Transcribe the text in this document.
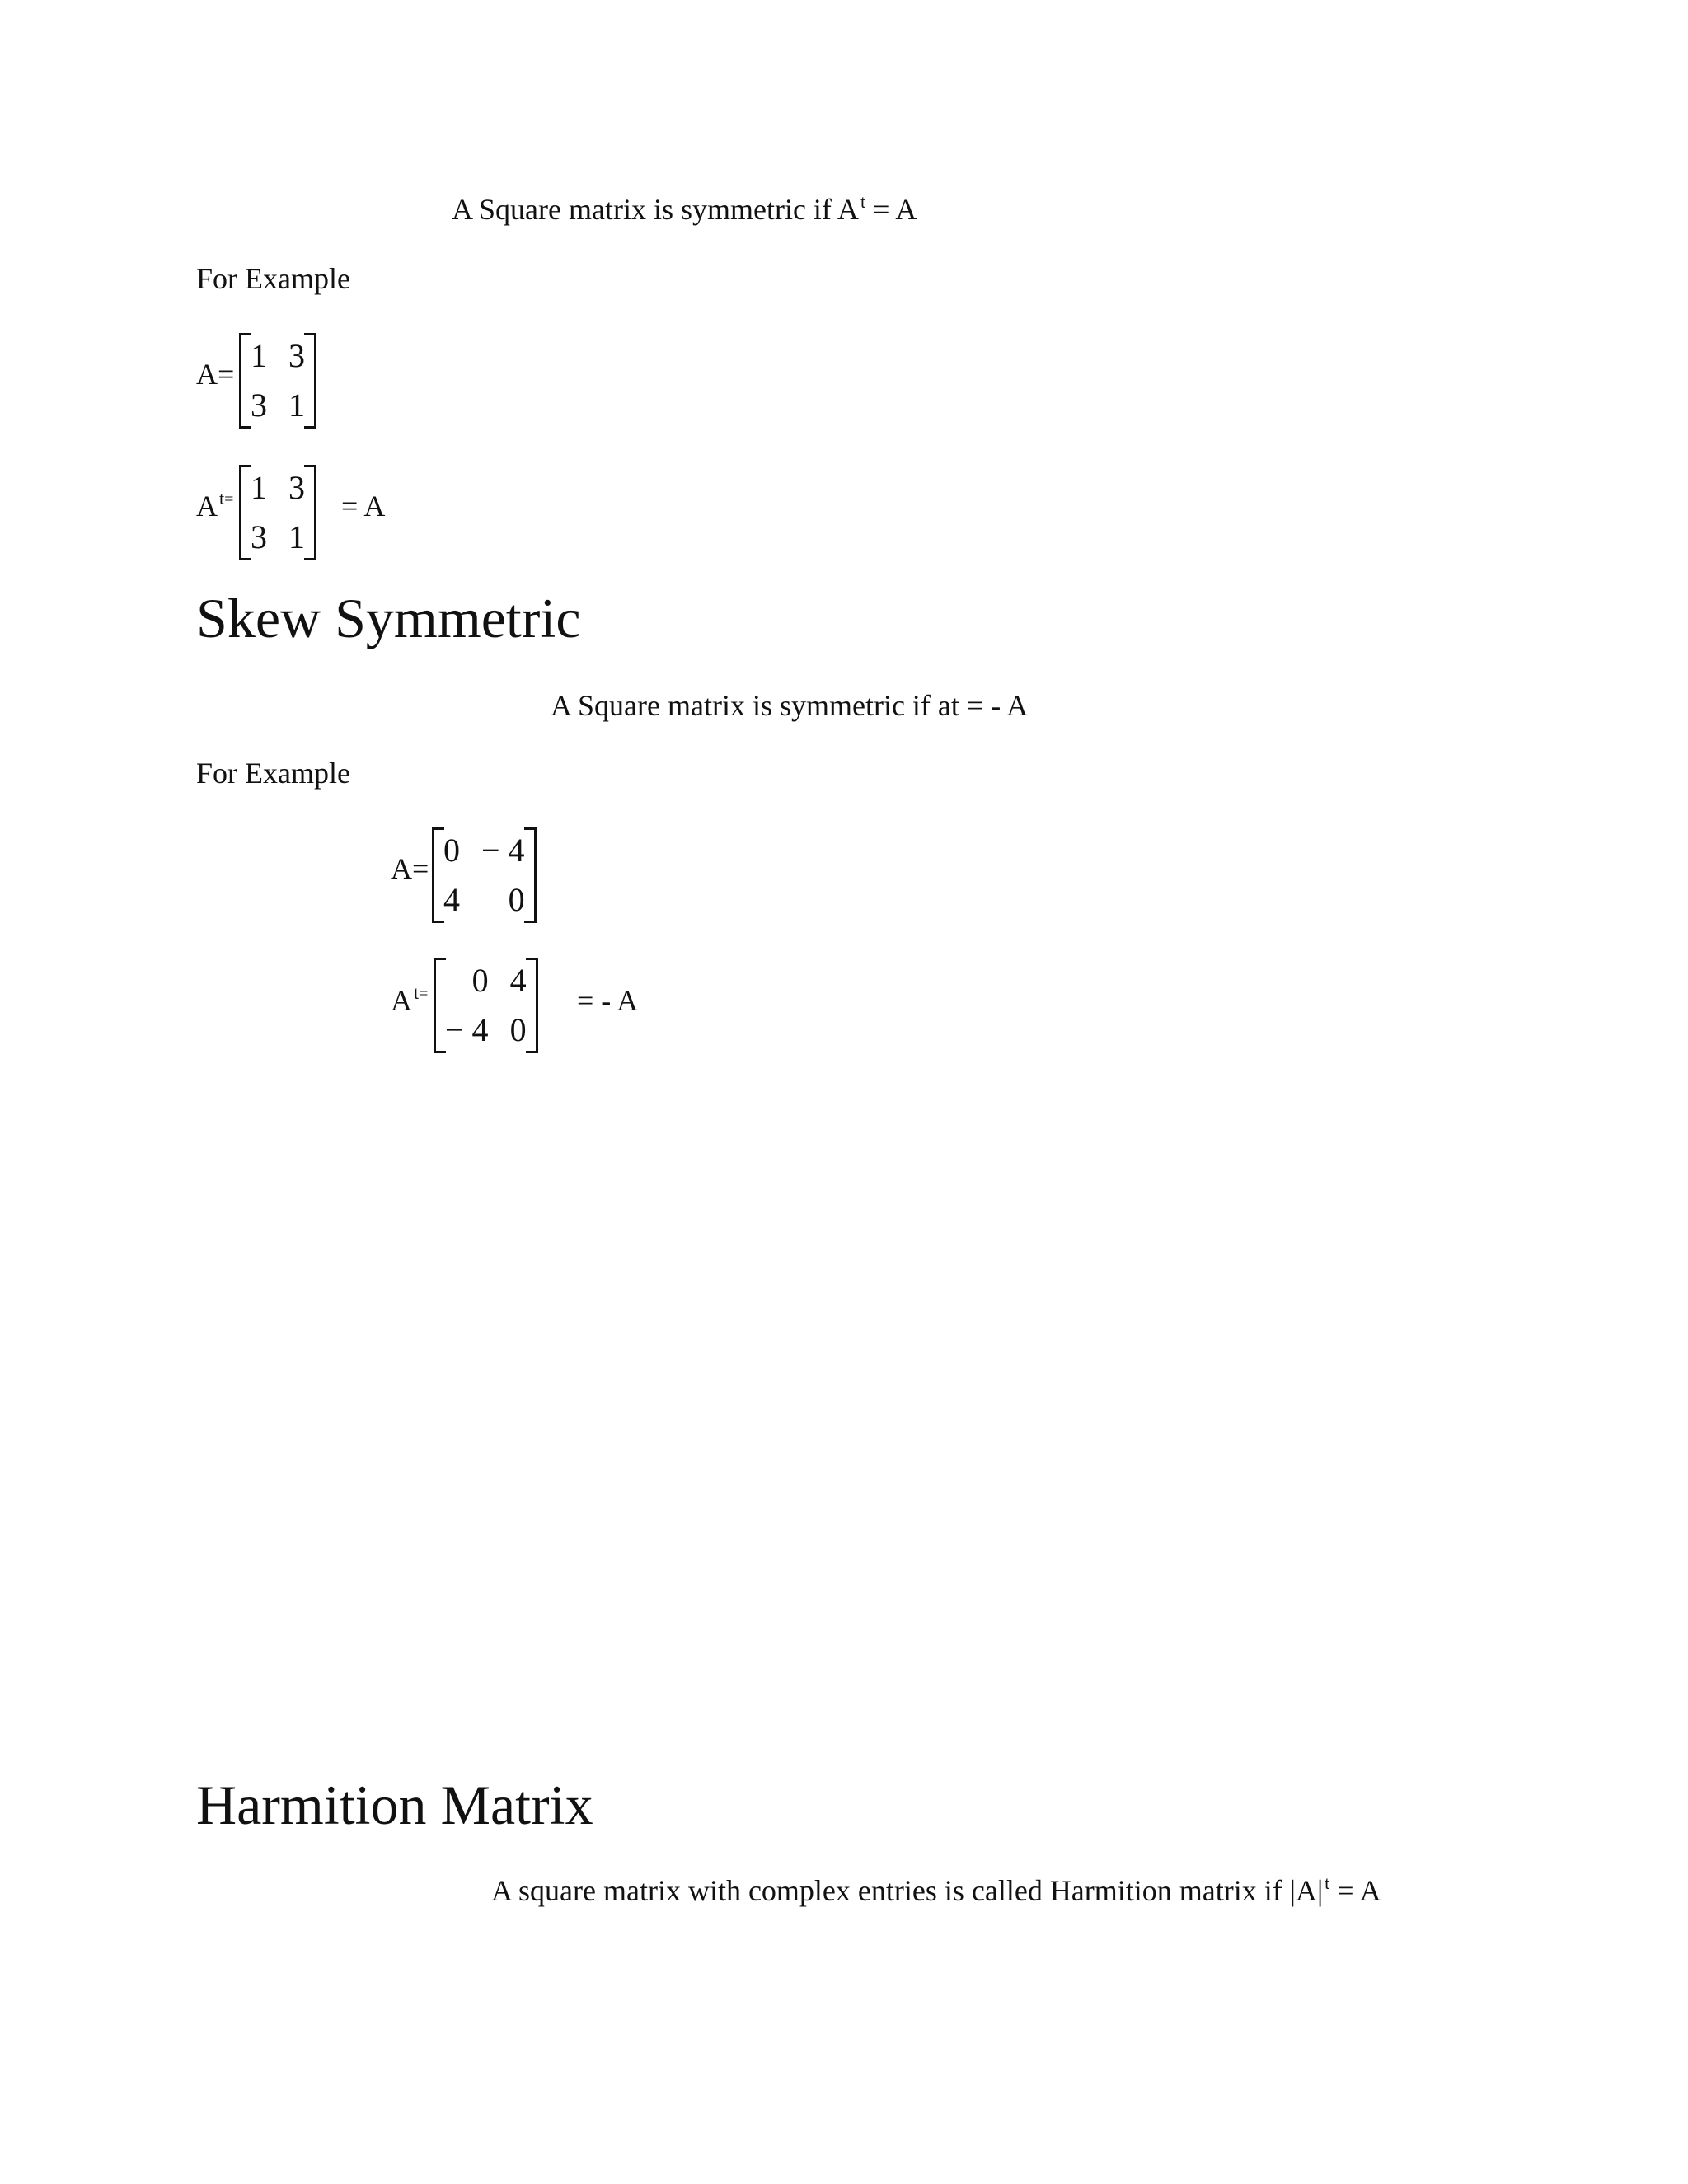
A Square matrix is symmetric if $A^t = A$
For Example
A= 1 3
3 1
$A^{t=}$ 1 3
3 1
= A
Skew Symmetric
A Square matrix is symmetric if at = - A
For Example
A= 0 − 4
4	0
$A^{t=}$	0 4
− 4 0
= - A
Harmition Matrix
A square matrix with complex entries is called Harmition matrix if $|A|^t = A$
